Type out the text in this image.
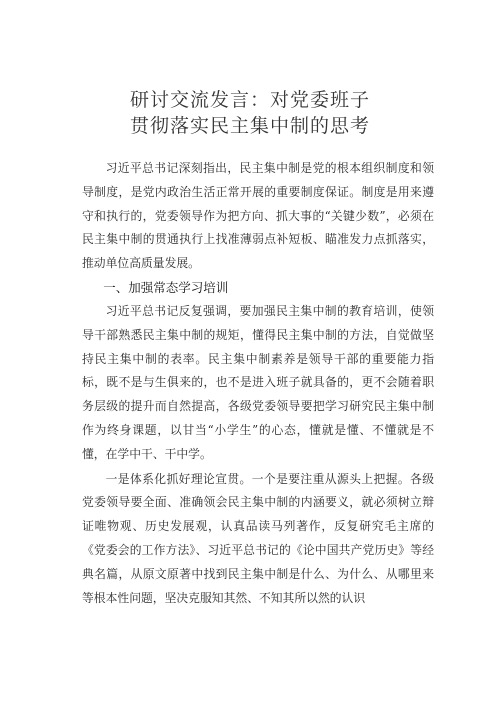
研讨交流发言：对党委班子
贯彻落实民主集中制的思考

习近平总书记深刻指出，民主集中制是党的根本组织制度和领导制度，是党内政治生活正常开展的重要制度保证。制度是用来遵守和执行的，党委领导作为把方向、抓大事的“关键少数”，必须在民主集中制的贯通执行上找准薄弱点补短板、瞄准发力点抓落实，推动单位高质量发展。

一、加强常态学习培训

习近平总书记反复强调，要加强民主集中制的教育培训，使领导干部熟悉民主集中制的规矩，懂得民主集中制的方法，自觉做坚持民主集中制的表率。民主集中制素养是领导干部的重要能力指标，既不是与生俱来的，也不是进入班子就具备的，更不会随着职务层级的提升而自然提高，各级党委领导要把学习研究民主集中制作为终身课题，以甘当“小学生”的心态，懂就是懂、不懂就是不懂，在学中干、干中学。

一是体系化抓好理论宣贯。一个是要注重从源头上把握。各级党委领导要全面、准确领会民主集中制的内涵要义，就必须树立辩证唯物观、历史发展观，认真品读马列著作，反复研究毛主席的《党委会的工作方法》、习近平总书记的《论中国共产党历史》等经典名篇，从原文原著中找到民主集中制是什么、为什么、从哪里来等根本性问题，坚决克服知其然、不知其所以然的认识
